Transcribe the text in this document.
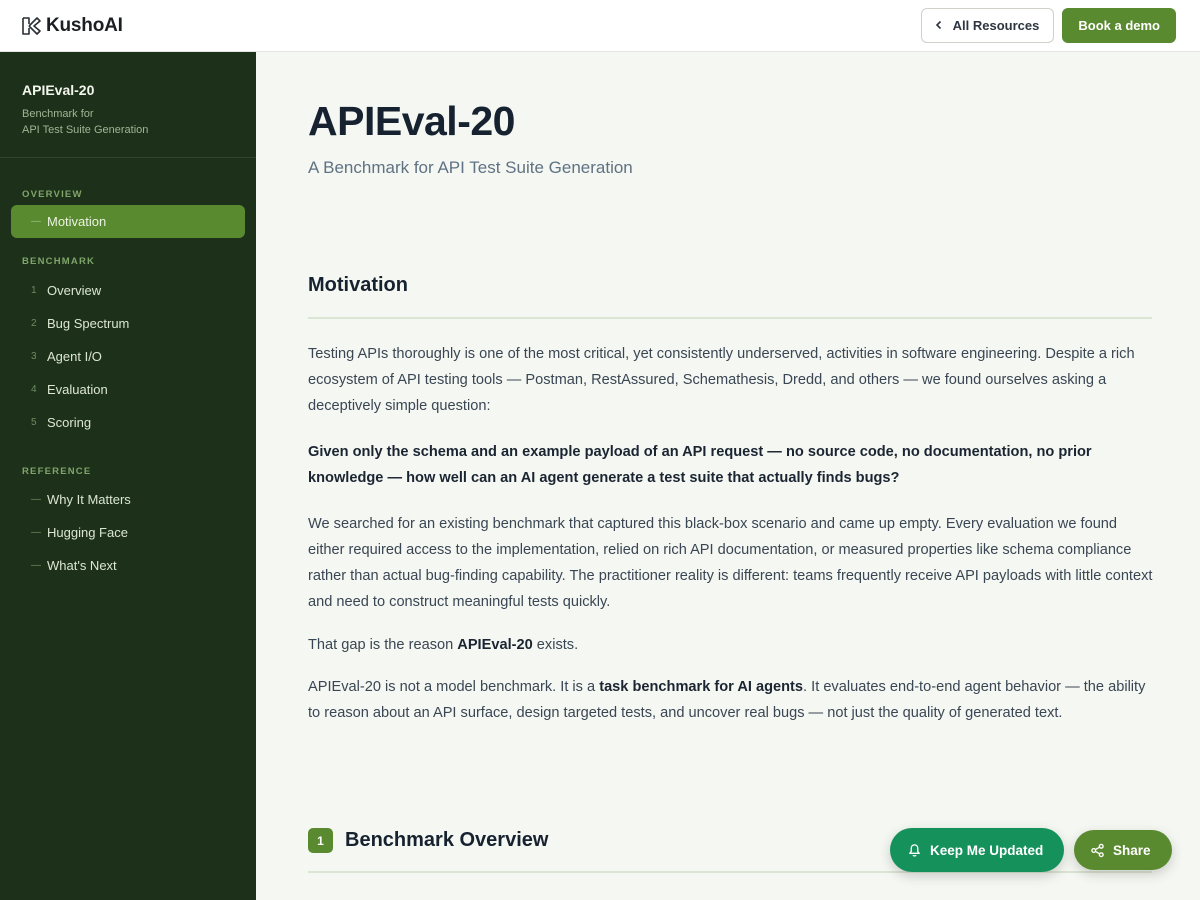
KushoAI	All Resources	Book a demo
APIEval-20
Benchmark for
API Test Suite Generation
OVERVIEW
— Motivation
BENCHMARK
1 Overview
2 Bug Spectrum
3 Agent I/O
4 Evaluation
5 Scoring
REFERENCE
— Why It Matters
— Hugging Face
— What's Next
APIEval-20
A Benchmark for API Test Suite Generation
Motivation

Testing APIs thoroughly is one of the most critical, yet consistently underserved, activities in software engineering. Despite a rich ecosystem of API testing tools — Postman, RestAssured, Schemathesis, Dredd, and others — we found ourselves asking a deceptively simple question:

Given only the schema and an example payload of an API request — no source code, no documentation, no prior knowledge — how well can an AI agent generate a test suite that actually finds bugs?

We searched for an existing benchmark that captured this black-box scenario and came up empty. Every evaluation we found either required access to the implementation, relied on rich API documentation, or measured properties like schema compliance rather than actual bug-finding capability. The practitioner reality is different: teams frequently receive API payloads with little context and need to construct meaningful tests quickly.

That gap is the reason APIEval-20 exists.

APIEval-20 is not a model benchmark. It is a task benchmark for AI agents. It evaluates end-to-end agent behavior — the ability to reason about an API surface, design targeted tests, and uncover real bugs — not just the quality of generated text.

1	Benchmark Overview	Keep Me Updated	Share
